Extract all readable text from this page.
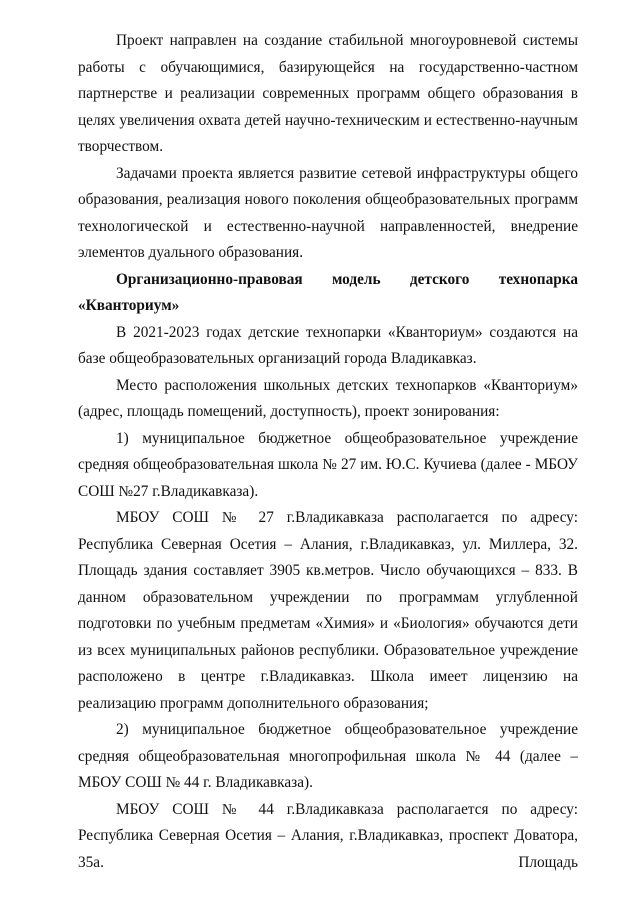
Проект направлен на создание стабильной многоуровневой системы работы с обучающимися, базирующейся на государственно-частном партнерстве и реализации современных программ общего образования в целях увеличения охвата детей научно-техническим и естественно-научным творчеством.

Задачами проекта является развитие сетевой инфраструктуры общего образования, реализация нового поколения общеобразовательных программ технологической и естественно-научной направленностей, внедрение элементов дуального образования.

Организационно-правовая модель детского технопарка «Кванториум»

В 2021-2023 годах детские технопарки «Кванториум» создаются на базе общеобразовательных организаций города Владикавказ.

Место расположения школьных детских технопарков «Кванториум» (адрес, площадь помещений, доступность), проект зонирования:

1) муниципальное бюджетное общеобразовательное учреждение средняя общеобразовательная школа № 27 им. Ю.С. Кучиева (далее - МБОУ СОШ №27 г.Владикавказа).

МБОУ СОШ № 27 г.Владикавказа располагается по адресу: Республика Северная Осетия – Алания, г.Владикавказ, ул. Миллера, 32. Площадь здания составляет 3905 кв.метров. Число обучающихся – 833. В данном образовательном учреждении по программам углубленной подготовки по учебным предметам «Химия» и «Биология» обучаются дети из всех муниципальных районов республики. Образовательное учреждение расположено в центре г.Владикавказ. Школа имеет лицензию на реализацию программ дополнительного образования;

2) муниципальное бюджетное общеобразовательное учреждение средняя общеобразовательная многопрофильная школа № 44 (далее – МБОУ СОШ № 44 г. Владикавказа).

МБОУ СОШ № 44 г.Владикавказа располагается по адресу: Республика Северная Осетия – Алания, г.Владикавказ, проспект Доватора, 35а. Площадь
